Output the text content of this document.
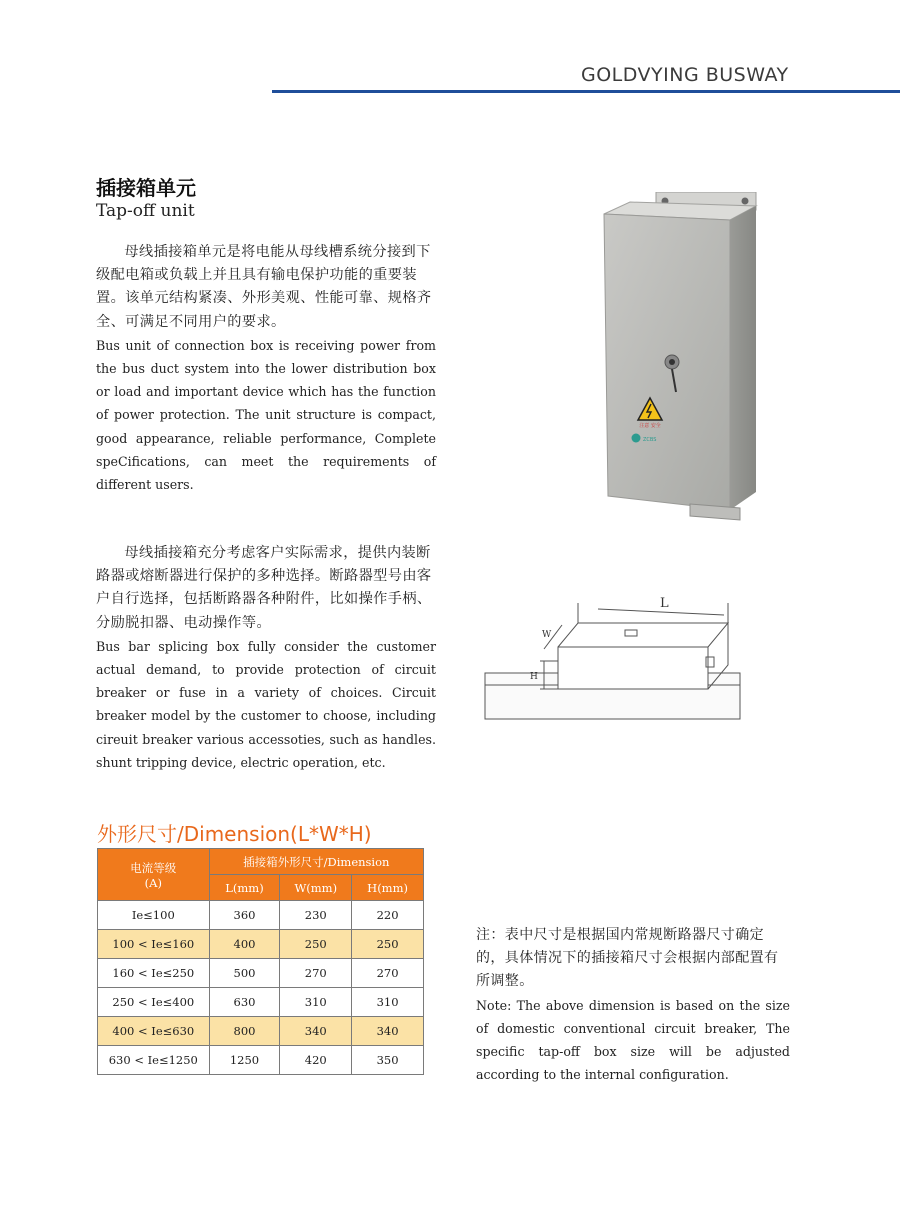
GOLDVYING BUSWAY
插接箱单元
Tap-off unit

母线插接箱单元是将电能从母线槽系统分接到下级配电箱或负载上并且具有输电保护功能的重要装置。该单元结构紧凑、外形美观、性能可靠、规格齐全、可满足不同用户的要求。

Bus unit of connection box is receiving power from the bus duct system into the lower distribution box or load and important device which has the function of power protection. The unit structure is compact, good appearance, reliable performance, Complete speCifications, can meet the requirements of different users.

母线插接箱充分考虑客户实际需求，提供内装断路器或熔断器进行保护的多种选择。断路器型号由客户自行选择，包括断路器各种附件，比如操作手柄、分励脱扣器、电动操作等。

Bus bar splicing box fully consider the customer actual demand, to provide protection of circuit breaker or fuse in a variety of choices. Circuit breaker model by the customer to choose, including cireuit breaker various accessoties, such as handles. shunt tripping device, electric operation, etc.

注意 安全
ZCBS
L
W
H
外形尺寸/Dimension(L*W*H)
电流等级
(A)	插接箱外形尺寸/Dimension		
	L(mm)	W(mm)	H(mm)
Ie≤100	360	230	220
100 < Ie≤160	400	250	250
160 < Ie≤250	500	270	270
250 < Ie≤400	630	310	310
400 < Ie≤630	800	340	340
630 < Ie≤1250	1250	420	350

注：表中尺寸是根据国内常规断路器尺寸确定的，具体情况下的插接箱尺寸会根据内部配置有所调整。

Note: The above dimension is based on the size of domestic conventional circuit breaker, The specific tap-off box size will be adjusted according to the internal configuration.
